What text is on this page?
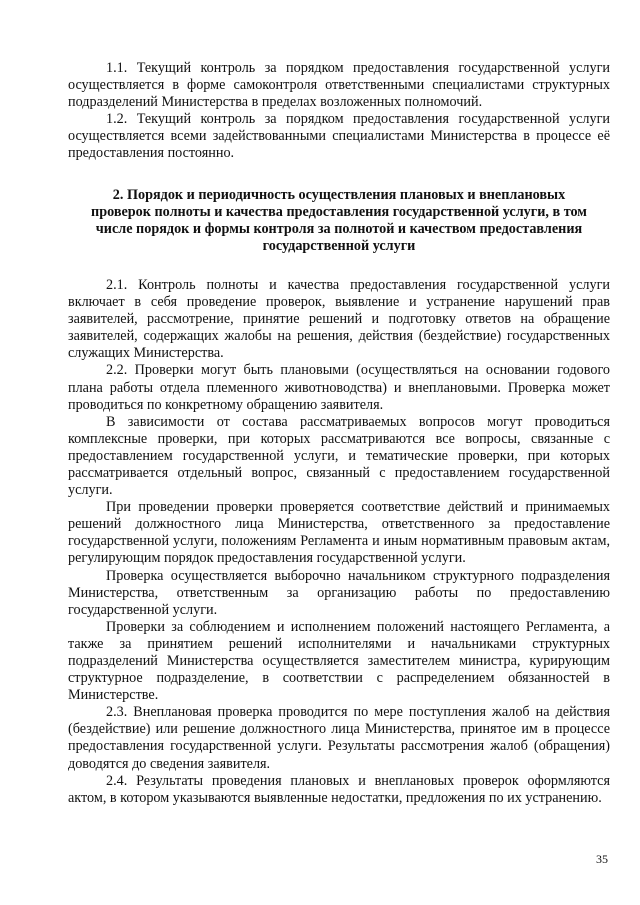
1.1. Текущий контроль за порядком предоставления государственной услуги осуществляется в форме самоконтроля ответственными специалистами структурных подразделений Министерства в пределах возложенных полномочий.

1.2. Текущий контроль за порядком предоставления государственной услуги осуществляется всеми задействованными специалистами Министерства в процессе её предоставления постоянно.

2. Порядок и периодичность осуществления плановых и внеплановых проверок полноты и качества предоставления государственной услуги, в том числе порядок и формы контроля за полнотой и качеством предоставления государственной услуги

2.1. Контроль полноты и качества предоставления государственной услуги включает в себя проведение проверок, выявление и устранение нарушений прав заявителей, рассмотрение, принятие решений и подготовку ответов на обращение заявителей, содержащих жалобы на решения, действия (бездействие) государственных служащих Министерства.

2.2. Проверки могут быть плановыми (осуществляться на основании годового плана работы отдела племенного животноводства) и внеплановыми. Проверка может проводиться по конкретному обращению заявителя.

В зависимости от состава рассматриваемых вопросов могут проводиться комплексные проверки, при которых рассматриваются все вопросы, связанные с предоставлением государственной услуги, и тематические проверки, при которых рассматривается отдельный вопрос, связанный с предоставлением государственной услуги.

При проведении проверки проверяется соответствие действий и принимаемых решений должностного лица Министерства, ответственного за предоставление государственной услуги, положениям Регламента и иным нормативным правовым актам, регулирующим порядок предоставления государственной услуги.

Проверка осуществляется выборочно начальником структурного подразделения Министерства, ответственным за организацию работы по предоставлению государственной услуги.

Проверки за соблюдением и исполнением положений настоящего Регламента, а также за принятием решений исполнителями и начальниками структурных подразделений Министерства осуществляется заместителем министра, курирующим структурное подразделение, в соответствии с распределением обязанностей в Министерстве.

2.3. Внеплановая проверка проводится по мере поступления жалоб на действия (бездействие) или решение должностного лица Министерства, принятое им в процессе предоставления государственной услуги. Результаты рассмотрения жалоб (обращения) доводятся до сведения заявителя.

2.4. Результаты проведения плановых и внеплановых проверок оформляются актом, в котором указываются выявленные недостатки, предложения по их устранению.

35
